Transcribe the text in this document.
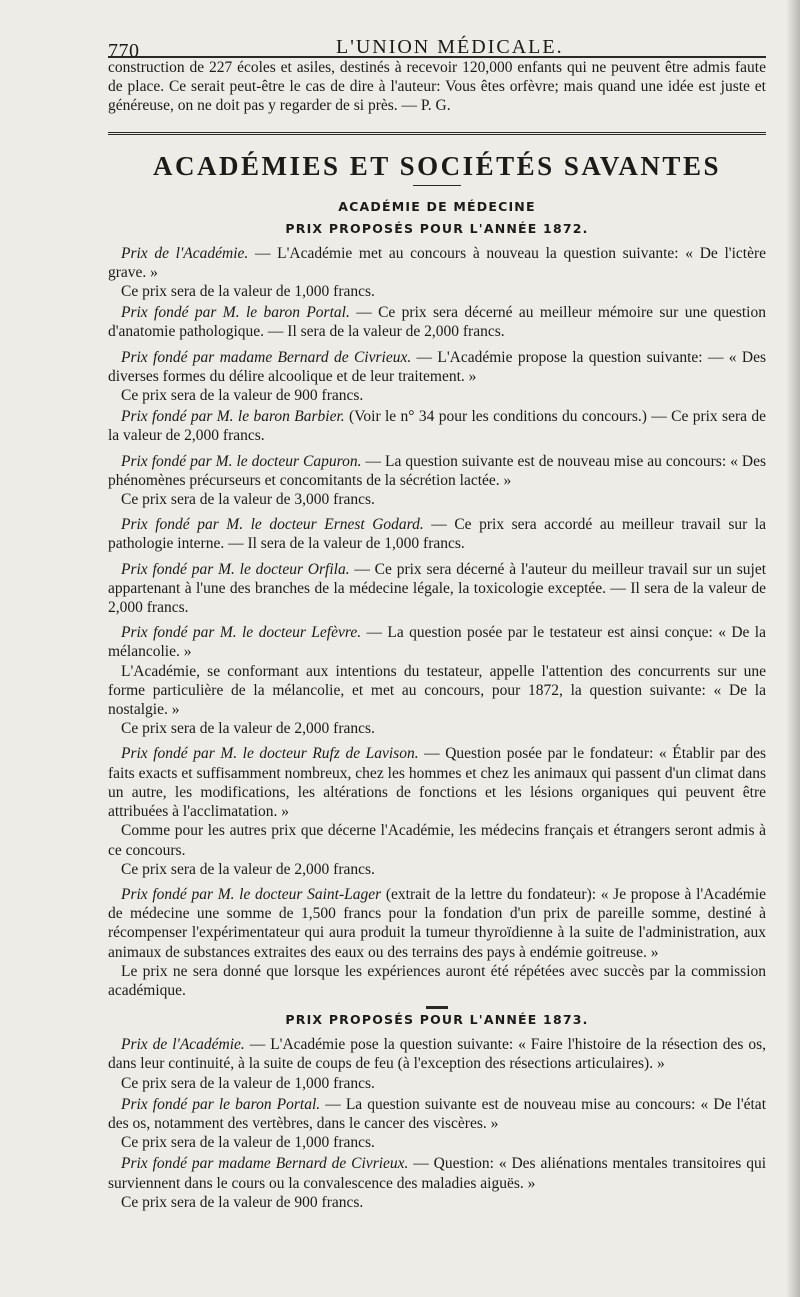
770	L'UNION MÉDICALE.

construction de 227 écoles et asiles, destinés à recevoir 120,000 enfants qui ne peuvent être admis faute de place. Ce serait peut-être le cas de dire à l'auteur: Vous êtes orfèvre; mais quand une idée est juste et généreuse, on ne doit pas y regarder de si près. — P. G.

ACADÉMIES ET SOCIÉTÉS SAVANTES
ACADÉMIE DE MÉDECINE
PRIX PROPOSÉS POUR L'ANNÉE 1872.

Prix de l'Académie. — L'Académie met au concours à nouveau la question suivante: « De l'ictère grave. »

Ce prix sera de la valeur de 1,000 francs.

Prix fondé par M. le baron Portal. — Ce prix sera décerné au meilleur mémoire sur une question d'anatomie pathologique. — Il sera de la valeur de 2,000 francs.

Prix fondé par madame Bernard de Civrieux. — L'Académie propose la question suivante: — « Des diverses formes du délire alcoolique et de leur traitement. »

Ce prix sera de la valeur de 900 francs.

Prix fondé par M. le baron Barbier. (Voir le n° 34 pour les conditions du concours.) — Ce prix sera de la valeur de 2,000 francs.

Prix fondé par M. le docteur Capuron. — La question suivante est de nouveau mise au concours: « Des phénomènes précurseurs et concomitants de la sécrétion lactée. »

Ce prix sera de la valeur de 3,000 francs.

Prix fondé par M. le docteur Ernest Godard. — Ce prix sera accordé au meilleur travail sur la pathologie interne. — Il sera de la valeur de 1,000 francs.

Prix fondé par M. le docteur Orfila. — Ce prix sera décerné à l'auteur du meilleur travail sur un sujet appartenant à l'une des branches de la médecine légale, la toxicologie exceptée. — Il sera de la valeur de 2,000 francs.

Prix fondé par M. le docteur Lefèvre. — La question posée par le testateur est ainsi conçue: « De la mélancolie. »

L'Académie, se conformant aux intentions du testateur, appelle l'attention des concurrents sur une forme particulière de la mélancolie, et met au concours, pour 1872, la question suivante: « De la nostalgie. »

Ce prix sera de la valeur de 2,000 francs.

Prix fondé par M. le docteur Rufz de Lavison. — Question posée par le fondateur: « Établir par des faits exacts et suffisamment nombreux, chez les hommes et chez les animaux qui passent d'un climat dans un autre, les modifications, les altérations de fonctions et les lésions organiques qui peuvent être attribuées à l'acclimatation. »

Comme pour les autres prix que décerne l'Académie, les médecins français et étrangers seront admis à ce concours.

Ce prix sera de la valeur de 2,000 francs.

Prix fondé par M. le docteur Saint-Lager (extrait de la lettre du fondateur): « Je propose à l'Académie de médecine une somme de 1,500 francs pour la fondation d'un prix de pareille somme, destiné à récompenser l'expérimentateur qui aura produit la tumeur thyroïdienne à la suite de l'administration, aux animaux de substances extraites des eaux ou des terrains des pays à endémie goitreuse. »

Le prix ne sera donné que lorsque les expériences auront été répétées avec succès par la commission académique.

PRIX PROPOSÉS POUR L'ANNÉE 1873.

Prix de l'Académie. — L'Académie pose la question suivante: « Faire l'histoire de la résection des os, dans leur continuité, à la suite de coups de feu (à l'exception des résections articulaires). »

Ce prix sera de la valeur de 1,000 francs.

Prix fondé par le baron Portal. — La question suivante est de nouveau mise au concours: « De l'état des os, notamment des vertèbres, dans le cancer des viscères. »

Ce prix sera de la valeur de 1,000 francs.

Prix fondé par madame Bernard de Civrieux. — Question: « Des aliénations mentales transitoires qui surviennent dans le cours ou la convalescence des maladies aiguës. »

Ce prix sera de la valeur de 900 francs.
